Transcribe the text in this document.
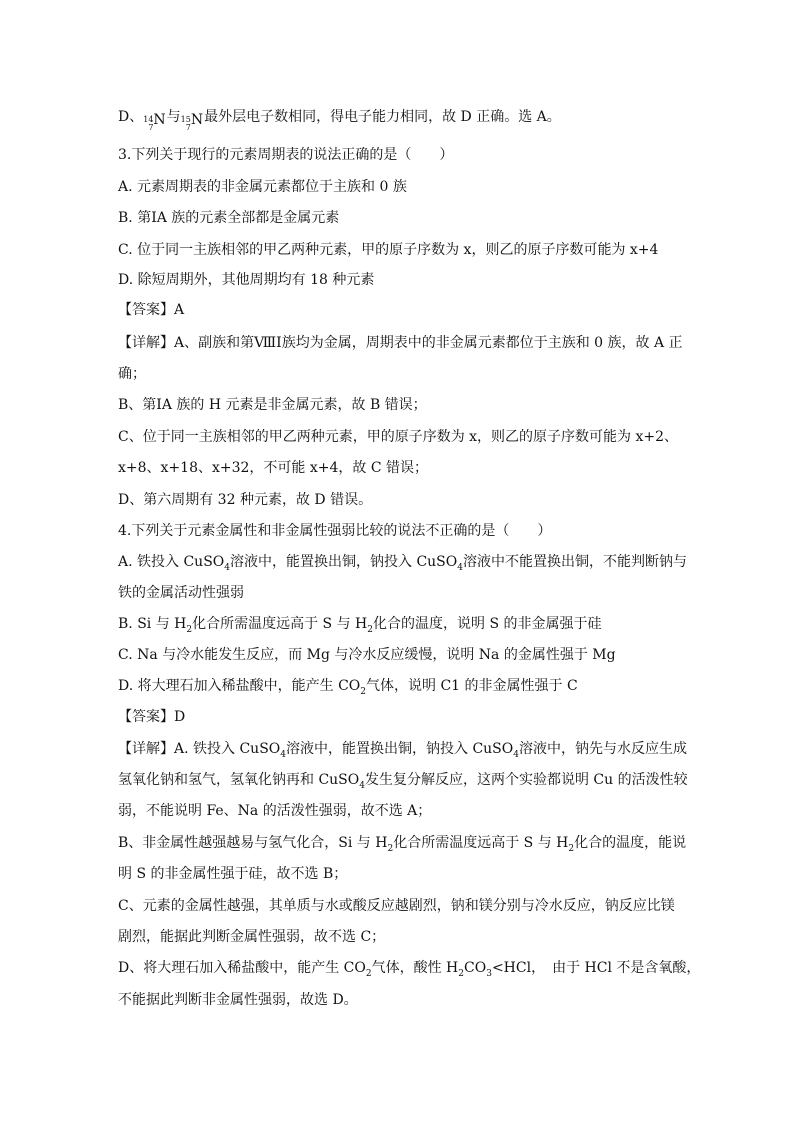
D、 14
7 N与 15
7 N最外层电子数相同，得电子能力相同，故 D 正确。选 A。
3.下列关于现行的元素周期表的说法正确的是（　　）
A. 元素周期表的非金属元素都位于主族和 0 族
B. 第ⅠA 族的元素全部都是金属元素
C. 位于同一主族相邻的甲乙两种元素，甲的原子序数为 x，则乙的原子序数可能为 x+4
D. 除短周期外，其他周期均有 18 种元素
【答案】A
【详解】A、副族和第ⅧI族均为金属，周期表中的非金属元素都位于主族和 0 族，故 A 正
确；
B、第ⅠA 族的 H 元素是非金属元素，故 B 错误；
C、位于同一主族相邻的甲乙两种元素，甲的原子序数为 x，则乙的原子序数可能为 x+2、
x+8、x+18、x+32，不可能 x+4，故 C 错误；
D、第六周期有 32 种元素，故 D 错误。
4.下列关于元素金属性和非金属性强弱比较的说法不正确的是（　　）
A. 铁投入 CuSO$_4$溶液中，能置换出铜，钠投入 CuSO$_4$溶液中不能置换出铜，不能判断钠与
铁的金属活动性强弱
B. Si 与 $H_2$化合所需温度远高于 S 与 $H_2$化合的温度，说明 S 的非金属强于硅
C. Na 与冷水能发生反应，而 Mg 与冷水反应缓慢，说明 Na 的金属性强于 Mg
D. 将大理石加入稀盐酸中，能产生 $CO_2$气体，说明 C1 的非金属性强于 C
【答案】D
【详解】A. 铁投入 CuSO$_4$溶液中，能置换出铜，钠投入 CuSO$_4$溶液中，钠先与水反应生成
氢氧化钠和氢气，氢氧化钠再和 CuSO$_4$发生复分解反应，这两个实验都说明 Cu 的活泼性较
弱，不能说明 Fe、Na 的活泼性强弱，故不选 A；
B、非金属性越强越易与氢气化合，Si 与 $H_2$化合所需温度远高于 S 与 $H_2$化合的温度，能说
明 S 的非金属性强于硅，故不选 B；
C、元素的金属性越强，其单质与水或酸反应越剧烈，钠和镁分别与冷水反应，钠反应比镁
剧烈，能据此判断金属性强弱，故不选 C；
D、将大理石加入稀盐酸中，能产生 $CO_2$气体，酸性 $H_2CO_3<HCl$，　由于 HCl 不是含氧酸，
不能据此判断非金属性强弱，故选 D。
